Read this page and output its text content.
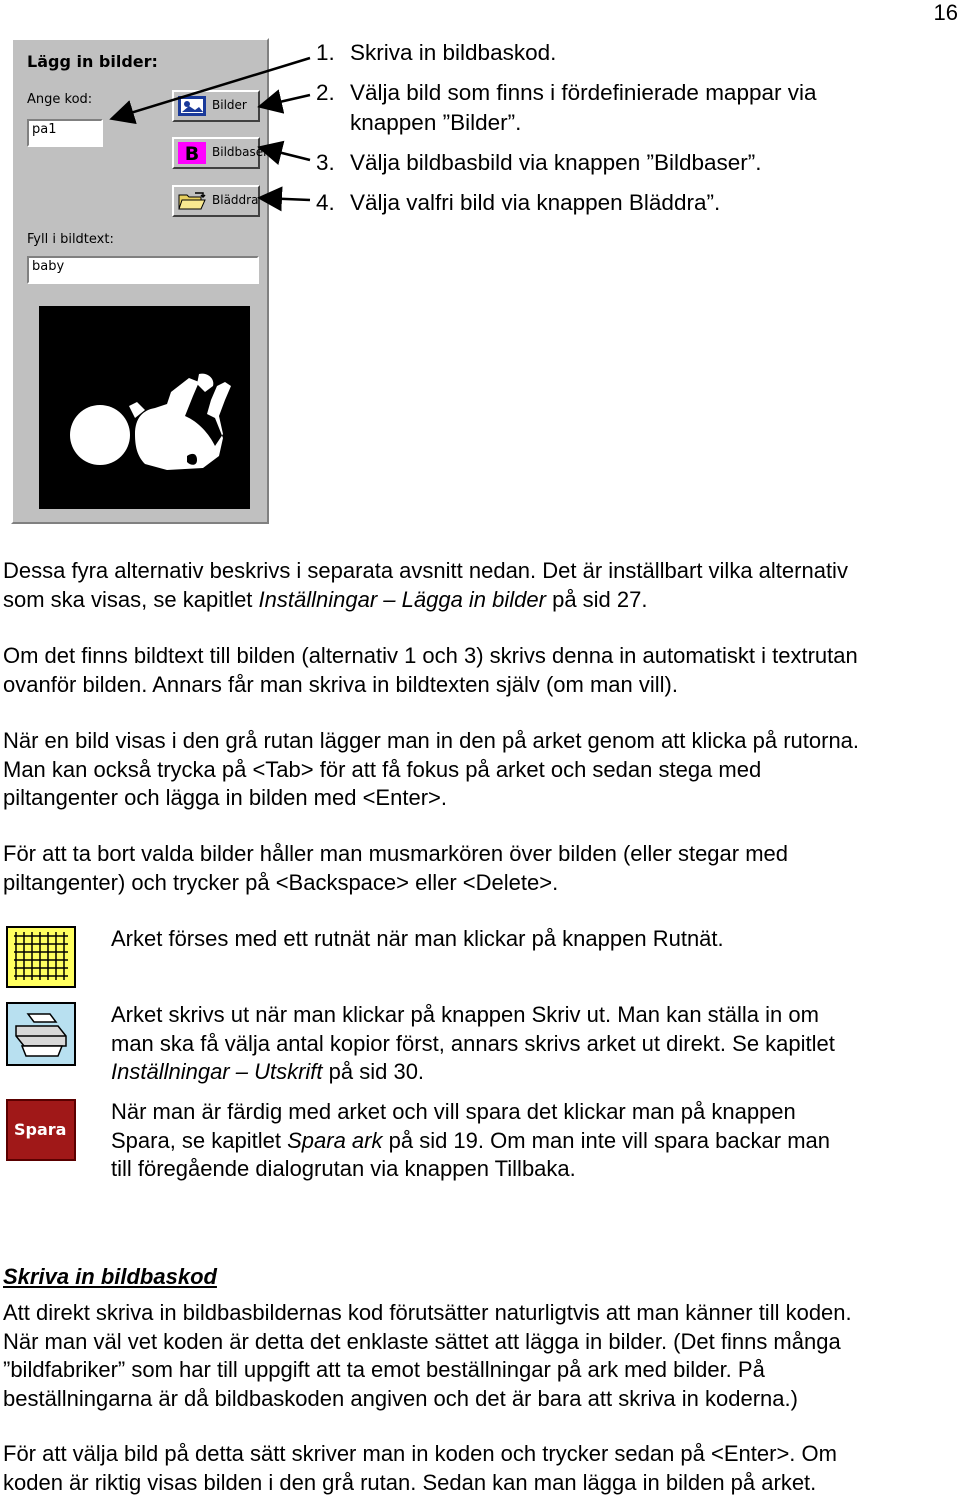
16
Lägg in bilder:
Ange kod:
pa1
Bilder
B Bildbaser
Bläddra
Fyll i bildtext:
baby
1. Skriva in bildbaskod.
2. Välja bild som finns i fördefinierade mappar via
knappen ”Bilder”.
3. Välja bildbasbild via knappen ”Bildbaser”.
4. Välja valfri bild via knappen Bläddra”.
Dessa fyra alternativ beskrivs i separata avsnitt nedan. Det är inställbart vilka alternativ
som ska visas, se kapitlet Inställningar – Lägga in bilder på sid 27.
Om det finns bildtext till bilden (alternativ 1 och 3) skrivs denna in automatiskt i textrutan
ovanför bilden. Annars får man skriva in bildtexten själv (om man vill).
När en bild visas i den grå rutan lägger man in den på arket genom att klicka på rutorna.
Man kan också trycka på <Tab> för att få fokus på arket och sedan stega med
piltangenter och lägga in bilden med <Enter>.
För att ta bort valda bilder håller man musmarkören över bilden (eller stegar med
piltangenter) och trycker på <Backspace> eller <Delete>.
Arket förses med ett rutnät när man klickar på knappen Rutnät.
Arket skrivs ut när man klickar på knappen Skriv ut. Man kan ställa in om
man ska få välja antal kopior först, annars skrivs arket ut direkt. Se kapitlet
Inställningar – Utskrift på sid 30.
Spara
När man är färdig med arket och vill spara det klickar man på knappen
Spara, se kapitlet Spara ark på sid 19. Om man inte vill spara backar man
till föregående dialogrutan via knappen Tillbaka.
Skriva in bildbaskod
Att direkt skriva in bildbasbildernas kod förutsätter naturligtvis att man känner till koden.
När man väl vet koden är detta det enklaste sättet att lägga in bilder. (Det finns många
”bildfabriker” som har till uppgift att ta emot beställningar på ark med bilder. På
beställningarna är då bildbaskoden angiven och det är bara att skriva in koderna.)
För att välja bild på detta sätt skriver man in koden och trycker sedan på <Enter>. Om
koden är riktig visas bilden i den grå rutan. Sedan kan man lägga in bilden på arket.
